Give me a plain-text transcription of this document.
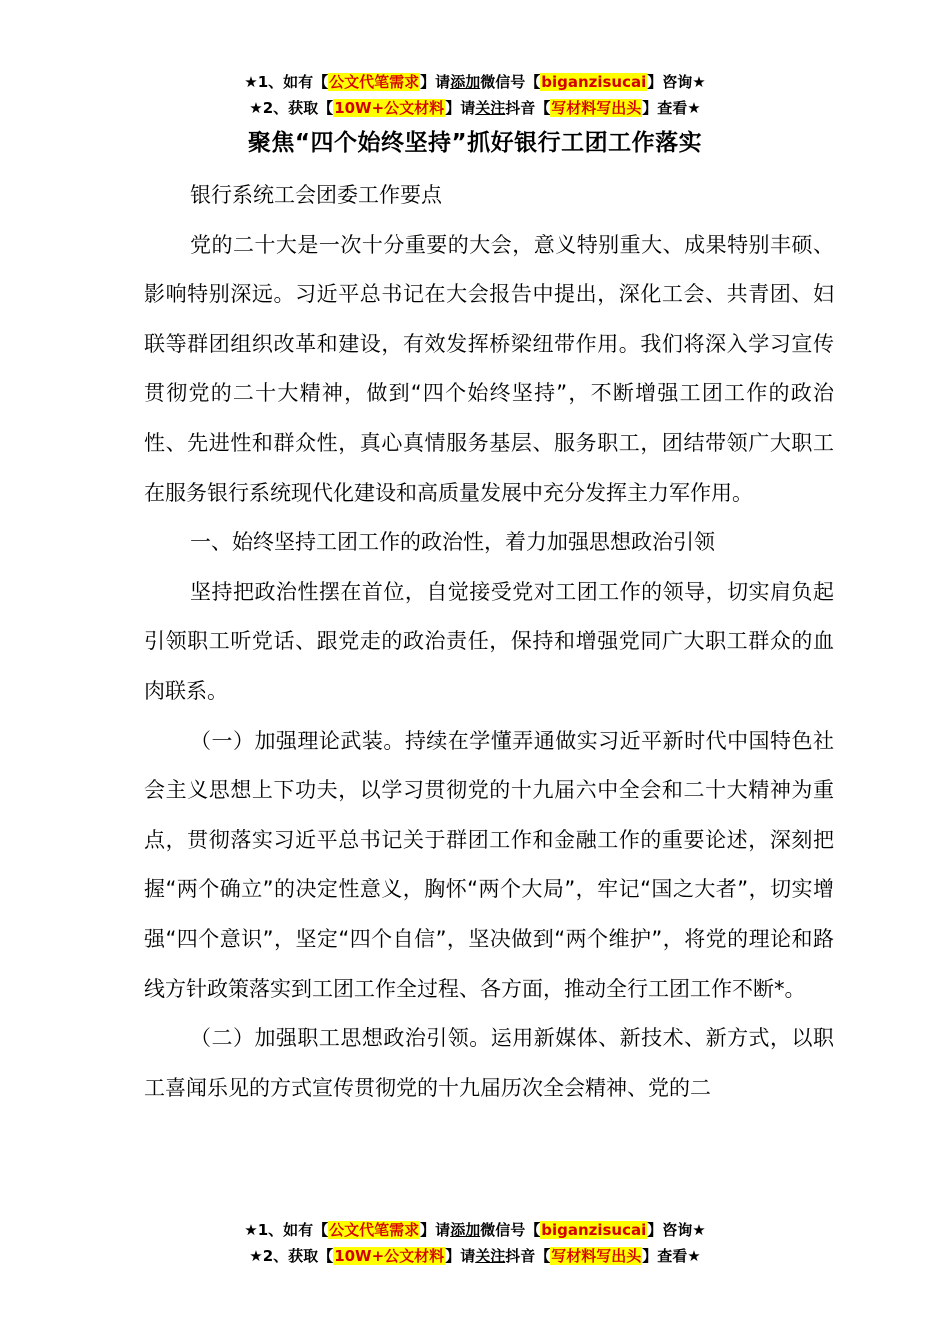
★1、如有【公文代笔需求】请添加微信号【biganzisucai】咨询★
★2、获取【10W+公文材料】请关注抖音【写材料写出头】查看★
聚焦“四个始终坚持”抓好银行工团工作落实

银行系统工会团委工作要点

党的二十大是一次十分重要的大会，意义特别重大、成果特别丰硕、影响特别深远。习近平总书记在大会报告中提出，深化工会、共青团、妇联等群团组织改革和建设，有效发挥桥梁纽带作用。我们将深入学习宣传贯彻党的二十大精神，做到“四个始终坚持”，不断增强工团工作的政治性、先进性和群众性，真心真情服务基层、服务职工，团结带领广大职工在服务银行系统现代化建设和高质量发展中充分发挥主力军作用。

一、始终坚持工团工作的政治性，着力加强思想政治引领

坚持把政治性摆在首位，自觉接受党对工团工作的领导，切实肩负起引领职工听党话、跟党走的政治责任，保持和增强党同广大职工群众的血肉联系。

（一）加强理论武装。持续在学懂弄通做实习近平新时代中国特色社会主义思想上下功夫，以学习贯彻党的十九届六中全会和二十大精神为重点，贯彻落实习近平总书记关于群团工作和金融工作的重要论述，深刻把握“两个确立”的决定性意义，胸怀“两个大局”，牢记“国之大者”，切实增强“四个意识”，坚定“四个自信”，坚决做到“两个维护”，将党的理论和路线方针政策落实到工团工作全过程、各方面，推动全行工团工作不断*。

（二）加强职工思想政治引领。运用新媒体、新技术、新方式，以职工喜闻乐见的方式宣传贯彻党的十九届历次全会精神、党的二

★1、如有【公文代笔需求】请添加微信号【biganzisucai】咨询★
★2、获取【10W+公文材料】请关注抖音【写材料写出头】查看★
